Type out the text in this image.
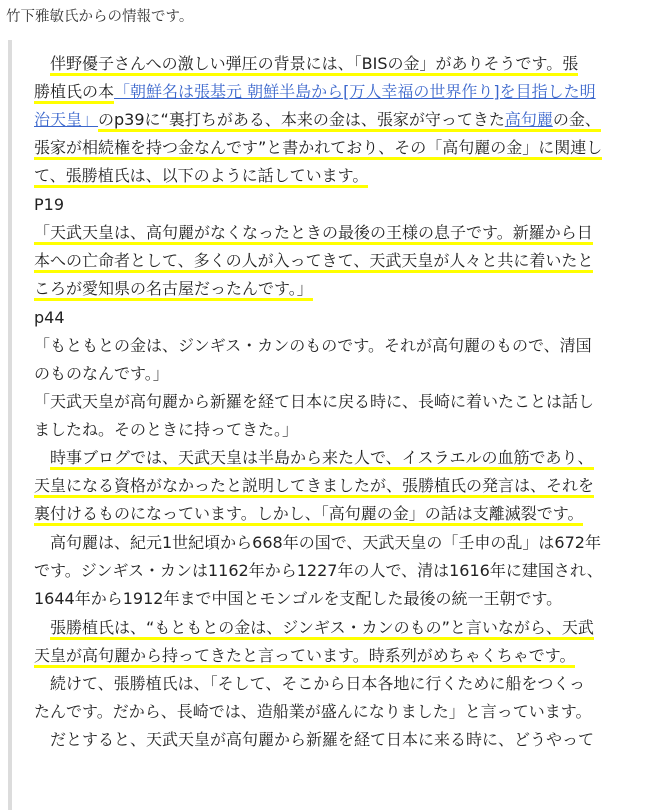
竹下雅敏氏からの情報です。
伴野優子さんへの激しい弾圧の背景には、「BISの金」がありそうです。張
勝植氏の本「朝鮮名は張基元 朝鮮半島から[万人幸福の世界作り]を目指した明
治天皇」のp39に“裏打ちがある、本来の金は、張家が守ってきた高句麗の金、
張家が相続権を持つ金なんです”と書かれており、その「高句麗の金」に関連し
て、張勝植氏は、以下のように話しています。
P19
「天武天皇は、高句麗がなくなったときの最後の王様の息子です。新羅から日
本への亡命者として、多くの人が入ってきて、天武天皇が人々と共に着いたと
ころが愛知県の名古屋だったんです。」
p44
「もともとの金は、ジンギス・カンのものです。それが高句麗のもので、清国
のものなんです。」
「天武天皇が高句麗から新羅を経て日本に戻る時に、長崎に着いたことは話し
ましたね。そのときに持ってきた。」
時事ブログでは、天武天皇は半島から来た人で、イスラエルの血筋であり、
天皇になる資格がなかったと説明してきましたが、張勝植氏の発言は、それを
裏付けるものになっています。しかし、「高句麗の金」の話は支離滅裂です。
高句麗は、紀元1世紀頃から668年の国で、天武天皇の「壬申の乱」は672年
です。ジンギス・カンは1162年から1227年の人で、清は1616年に建国され、
1644年から1912年まで中国とモンゴルを支配した最後の統一王朝です。
張勝植氏は、“もともとの金は、ジンギス・カンのもの”と言いながら、天武
天皇が高句麗から持ってきたと言っています。時系列がめちゃくちゃです。
続けて、張勝植氏は、「そして、そこから日本各地に行くために船をつくっ
たんです。だから、長崎では、造船業が盛んになりました」と言っています。
だとすると、天武天皇が高句麗から新羅を経て日本に来る時に、どうやって
